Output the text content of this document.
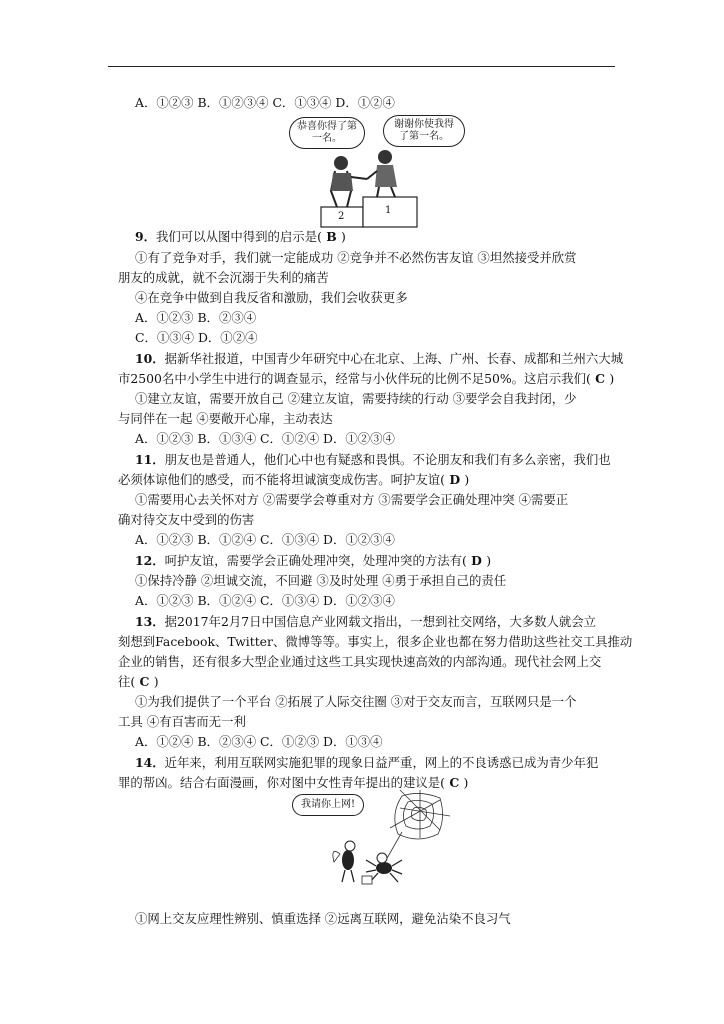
A．①②③ B．①②③④ C．①③④ D．①②④
恭喜你得了第一名。
谢谢你使我得了第一名。
2
1
9．我们可以从图中得到的启示是( B )
①有了竞争对手，我们就一定能成功 ②竞争并不必然伤害友谊 ③坦然接受并欣赏
朋友的成就，就不会沉溺于失利的痛苦
④在竞争中做到自我反省和激励，我们会收获更多
A．①②③ B．②③④
C．①③④ D．①②④
10．据新华社报道，中国青少年研究中心在北京、上海、广州、长春、成都和兰州六大城
市2500名中小学生中进行的调查显示，经常与小伙伴玩的比例不足50%。这启示我们( C )
①建立友谊，需要开放自己 ②建立友谊，需要持续的行动 ③要学会自我封闭，少
与同伴在一起 ④要敞开心扉，主动表达
A．①②③ B．①③④ C．①②④ D．①②③④
11．朋友也是普通人，他们心中也有疑惑和畏惧。不论朋友和我们有多么亲密，我们也
必须体谅他们的感受，而不能将坦诚演变成伤害。呵护友谊( D )
①需要用心去关怀对方 ②需要学会尊重对方 ③需要学会正确处理冲突 ④需要正
确对待交友中受到的伤害
A．①②③ B．①②④ C．①③④ D．①②③④
12．呵护友谊，需要学会正确处理冲突，处理冲突的方法有( D )
①保持冷静 ②坦诚交流，不回避 ③及时处理 ④勇于承担自己的责任
A．①②③ B．①②④ C．①③④ D．①②③④
13．据2017年2月7日中国信息产业网载文指出，一想到社交网络，大多数人就会立
刻想到Facebook、Twitter、微博等等。事实上，很多企业也都在努力借助这些社交工具推动
企业的销售，还有很多大型企业通过这些工具实现快速高效的内部沟通。现代社会网上交
往( C )
①为我们提供了一个平台 ②拓展了人际交往圈 ③对于交友而言，互联网只是一个
工具 ④有百害而无一利
A．①②④ B．②③④ C．①②③ D．①③④
14．近年来，利用互联网实施犯罪的现象日益严重，网上的不良诱惑已成为青少年犯
罪的帮凶。结合右面漫画，你对图中女性青年提出的建议是( C )
我请你上网!
①网上交友应理性辨别、慎重选择 ②远离互联网，避免沾染不良习气
